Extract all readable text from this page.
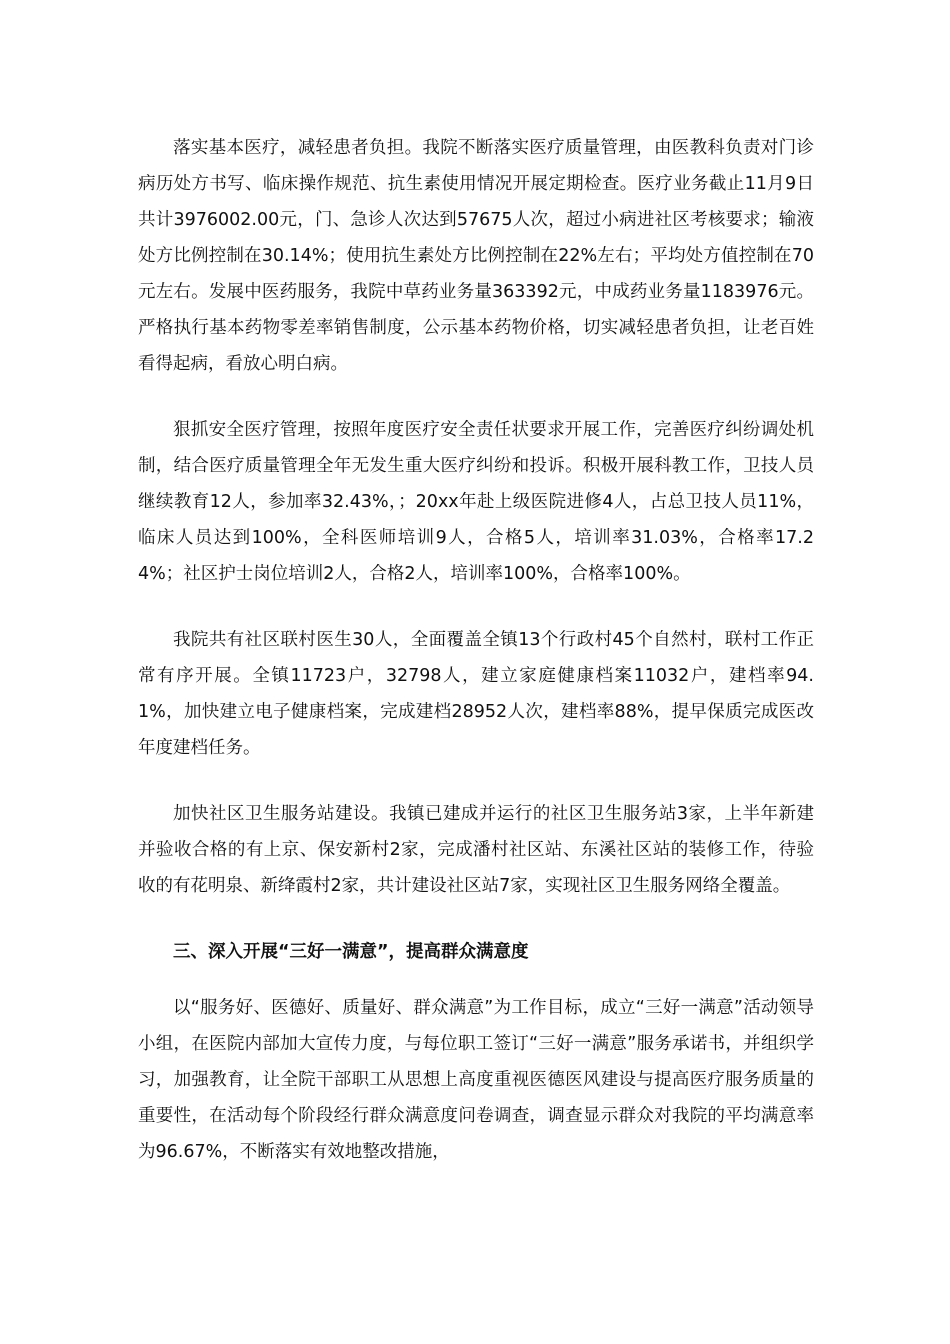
落实基本医疗，减轻患者负担。我院不断落实医疗质量管理，由医教科负责对门诊病历处方书写、临床操作规范、抗生素使用情况开展定期检查。医疗业务截止11月9日共计3976002.00元，门、急诊人次达到57675人次，超过小病进社区考核要求；输液处方比例控制在30.14%；使用抗生素处方比例控制在22%左右；平均处方值控制在70元左右。发展中医药服务，我院中草药业务量363392元，中成药业务量1183976元。严格执行基本药物零差率销售制度，公示基本药物价格，切实减轻患者负担，让老百姓看得起病，看放心明白病。

狠抓安全医疗管理，按照年度医疗安全责任状要求开展工作，完善医疗纠纷调处机制，结合医疗质量管理全年无发生重大医疗纠纷和投诉。积极开展科教工作，卫技人员继续教育12人，参加率32.43%，；20xx年赴上级医院进修4人，占总卫技人员11%，临床人员达到100%，全科医师培训9人，合格5人，培训率31.03%，合格率17.24%；社区护士岗位培训2人，合格2人，培训率100%，合格率100%。

我院共有社区联村医生30人，全面覆盖全镇13个行政村45个自然村，联村工作正常有序开展。全镇11723户，32798人，建立家庭健康档案11032户，建档率94.1%，加快建立电子健康档案，完成建档28952人次，建档率88%，提早保质完成医改年度建档任务。

加快社区卫生服务站建设。我镇已建成并运行的社区卫生服务站3家，上半年新建并验收合格的有上京、保安新村2家，完成潘村社区站、东溪社区站的装修工作，待验收的有花明泉、新绛霞村2家，共计建设社区站7家，实现社区卫生服务网络全覆盖。

三、深入开展“三好一满意”，提高群众满意度

以“服务好、医德好、质量好、群众满意”为工作目标，成立“三好一满意”活动领导小组，在医院内部加大宣传力度，与每位职工签订“三好一满意”服务承诺书，并组织学习，加强教育，让全院干部职工从思想上高度重视医德医风建设与提高医疗服务质量的重要性，在活动每个阶段经行群众满意度问卷调查，调查显示群众对我院的平均满意率为96.67%，不断落实有效地整改措施，
